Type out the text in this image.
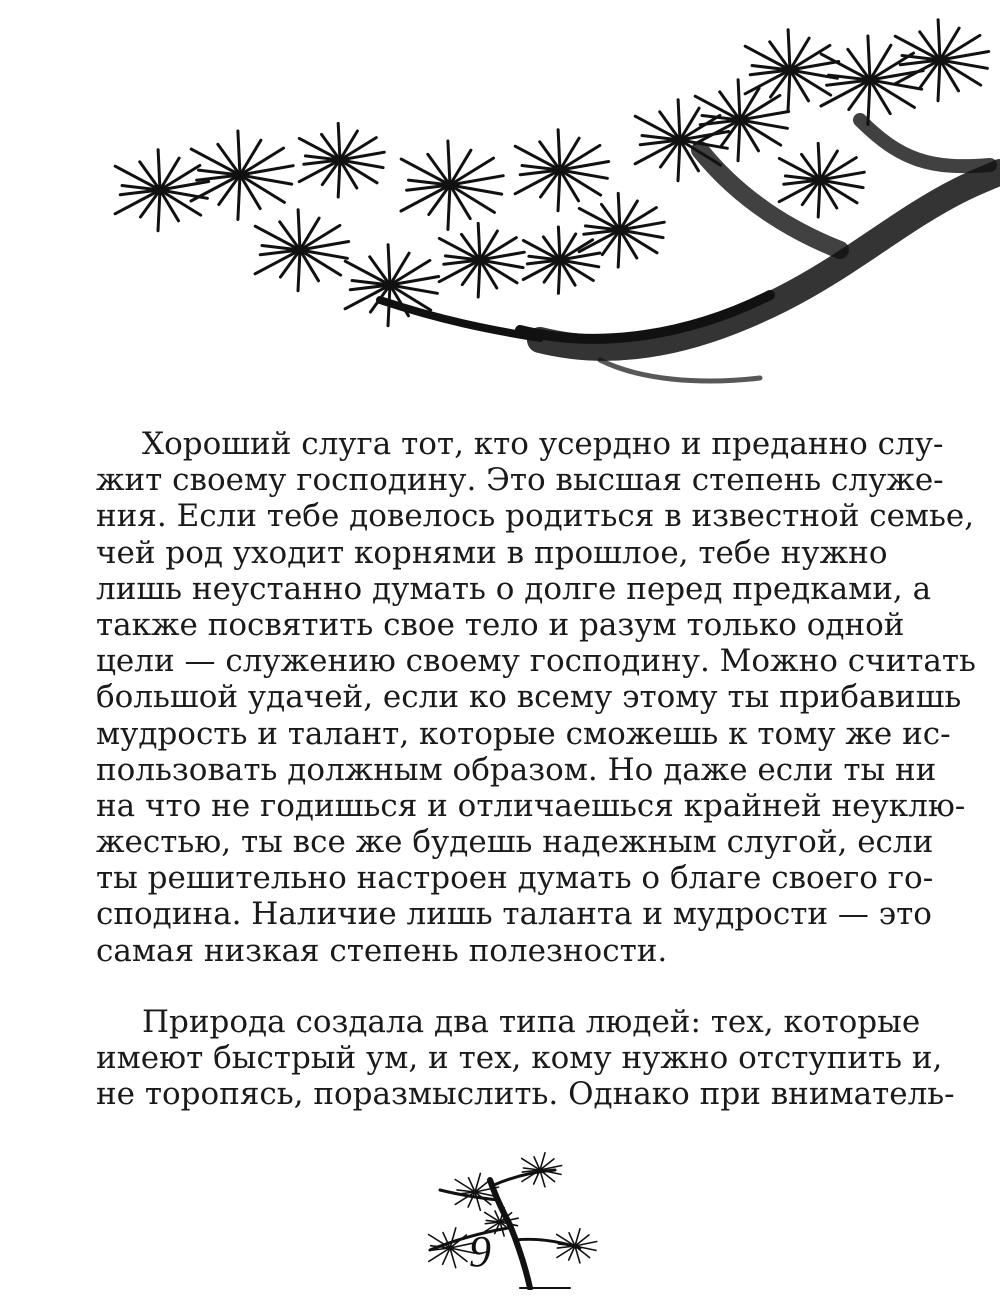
Хороший слуга тот, кто усердно и преданно слу-
жит своему господину. Это высшая степень служе-
ния. Если тебе довелось родиться в известной семье,
чей род уходит корнями в прошлое, тебе нужно
лишь неустанно думать о долге перед предками, а
также посвятить свое тело и разум только одной
цели — служению своему господину. Можно считать
большой удачей, если ко всему этому ты прибавишь
мудрость и талант, которые сможешь к тому же ис-
пользовать должным образом. Но даже если ты ни
на что не годишься и отличаешься крайней неуклю-
жестью, ты все же будешь надежным слугой, если
ты решительно настроен думать о благе своего го-
сподина. Наличие лишь таланта и мудрости — это
самая низкая степень полезности.
Природа создала два типа людей: тех, которые
имеют быстрый ум, и тех, кому нужно отступить и,
не торопясь, поразмыслить. Однако при вниматель-
9
